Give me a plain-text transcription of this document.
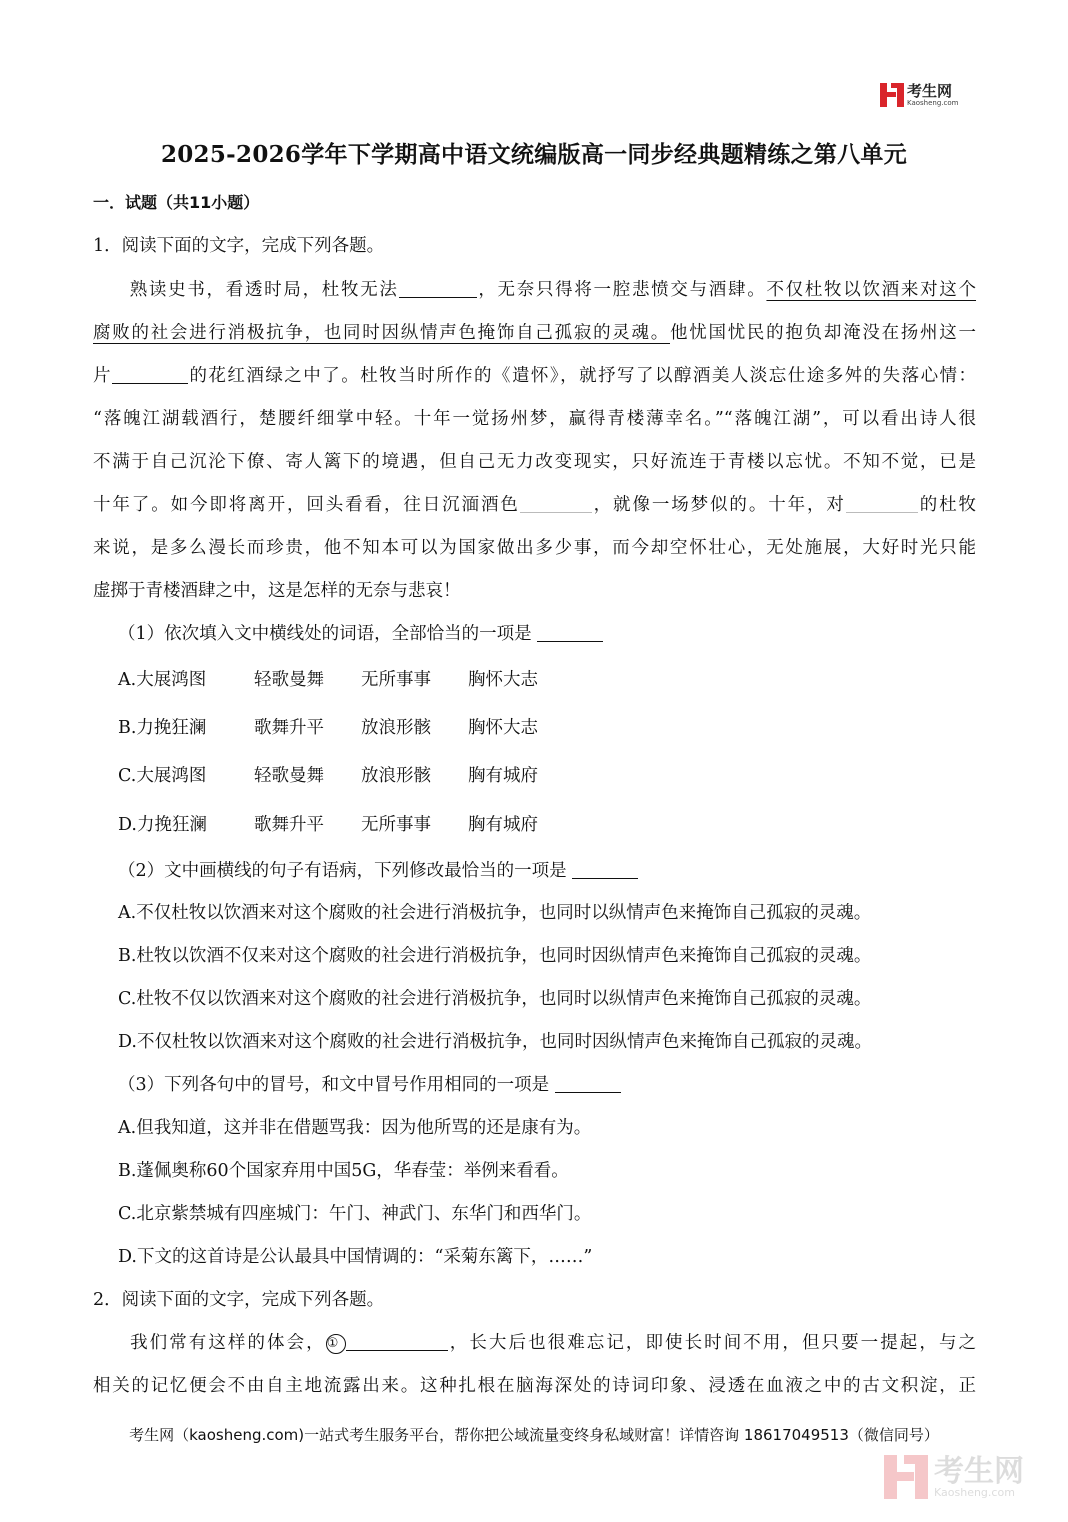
考生网
Kaosheng.com
2025-2026学年下学期高中语文统编版高一同步经典题精练之第八单元
一．试题（共11小题）
1．阅读下面的文字，完成下列各题。
熟读史书，看透时局，杜牧无法	，无奈只得将一腔悲愤交与酒肆。不仅杜牧以饮酒来对这个
腐败的社会进行消极抗争，也同时因纵情声色掩饰自己孤寂的灵魂。他忧国忧民的抱负却淹没在扬州这一
片	的花红酒绿之中了。杜牧当时所作的《遣怀》，就抒写了以醇酒美人淡忘仕途多舛的失落心情：
“落魄江湖载酒行，楚腰纤细掌中轻。十年一觉扬州梦，赢得青楼薄幸名。”“落魄江湖”，可以看出诗人很
不满于自己沉沦下僚、寄人篱下的境遇，但自己无力改变现实，只好流连于青楼以忘忧。不知不觉，已是
十年了。如今即将离开，回头看看，往日沉湎酒色	，就像一场梦似的。十年，对	的杜牧
来说，是多么漫长而珍贵，他不知本可以为国家做出多少事，而今却空怀壮心，无处施展，大好时光只能
虚掷于青楼酒肆之中，这是怎样的无奈与悲哀！
（1）依次填入文中横线处的词语，全部恰当的一项是
A.大展鸿图	轻歌曼舞 无所事事 胸怀大志
B.力挽狂澜	歌舞升平 放浪形骸 胸怀大志
C.大展鸿图	轻歌曼舞 放浪形骸 胸有城府
D.力挽狂澜	歌舞升平 无所事事 胸有城府
（2）文中画横线的句子有语病，下列修改最恰当的一项是
A.不仅杜牧以饮酒来对这个腐败的社会进行消极抗争，也同时以纵情声色来掩饰自己孤寂的灵魂。
B.杜牧以饮酒不仅来对这个腐败的社会进行消极抗争，也同时因纵情声色来掩饰自己孤寂的灵魂。
C.杜牧不仅以饮酒来对这个腐败的社会进行消极抗争，也同时以纵情声色来掩饰自己孤寂的灵魂。
D.不仅杜牧以饮酒来对这个腐败的社会进行消极抗争，也同时因纵情声色来掩饰自己孤寂的灵魂。
（3）下列各句中的冒号，和文中冒号作用相同的一项是
A.但我知道，这并非在借题骂我：因为他所骂的还是康有为。
B.蓬佩奥称60个国家弃用中国5G，华春莹：举例来看看。
C.北京紫禁城有四座城门：午门、神武门、东华门和西华门。
D.下文的这首诗是公认最具中国情调的：“采菊东篱下，……”
2．阅读下面的文字，完成下列各题。
我们常有这样的体会，①	，长大后也很难忘记，即使长时间不用，但只要一提起，与之
相关的记忆便会不由自主地流露出来。这种扎根在脑海深处的诗词印象、浸透在血液之中的古文积淀，正
考生网（kaosheng.com)一站式考生服务平台，帮你把公域流量变终身私域财富！详情咨询 18617049513（微信同号）
考生网
Kaosheng.com
